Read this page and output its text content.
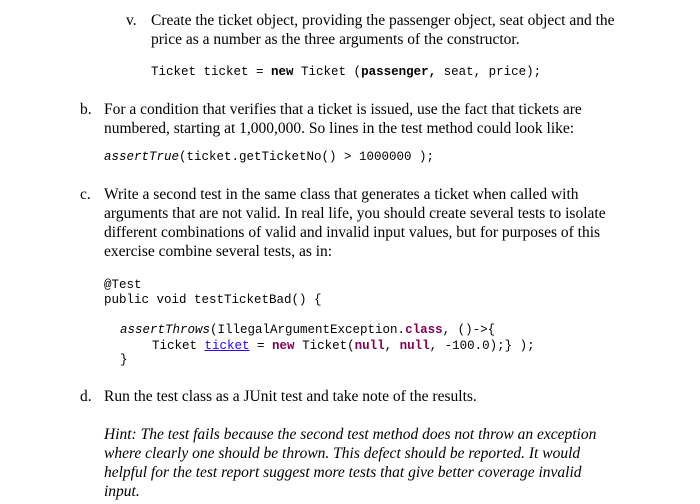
v. Create the ticket object, providing the passenger object, seat object and the
price as a number as the three arguments of the constructor.
Ticket ticket = new Ticket (passenger, seat, price);
b. For a condition that verifies that a ticket is issued, use the fact that tickets are
numbered, starting at 1,000,000. So lines in the test method could look like:
assertTrue(ticket.getTicketNo() > 1000000 );
c. Write a second test in the same class that generates a ticket when called with
arguments that are not valid. In real life, you should create several tests to isolate
different combinations of valid and invalid input values, but for purposes of this
exercise combine several tests, as in:
@Test
public void testTicketBad() {
assertThrows(IllegalArgumentException.class, ()->{
Ticket ticket = new Ticket(null, null, -100.0);} );
}
d. Run the test class as a JUnit test and take note of the results.
Hint: The test fails because the second test method does not throw an exception
where clearly one should be thrown. This defect should be reported. It would
helpful for the test report suggest more tests that give better coverage invalid
input.
